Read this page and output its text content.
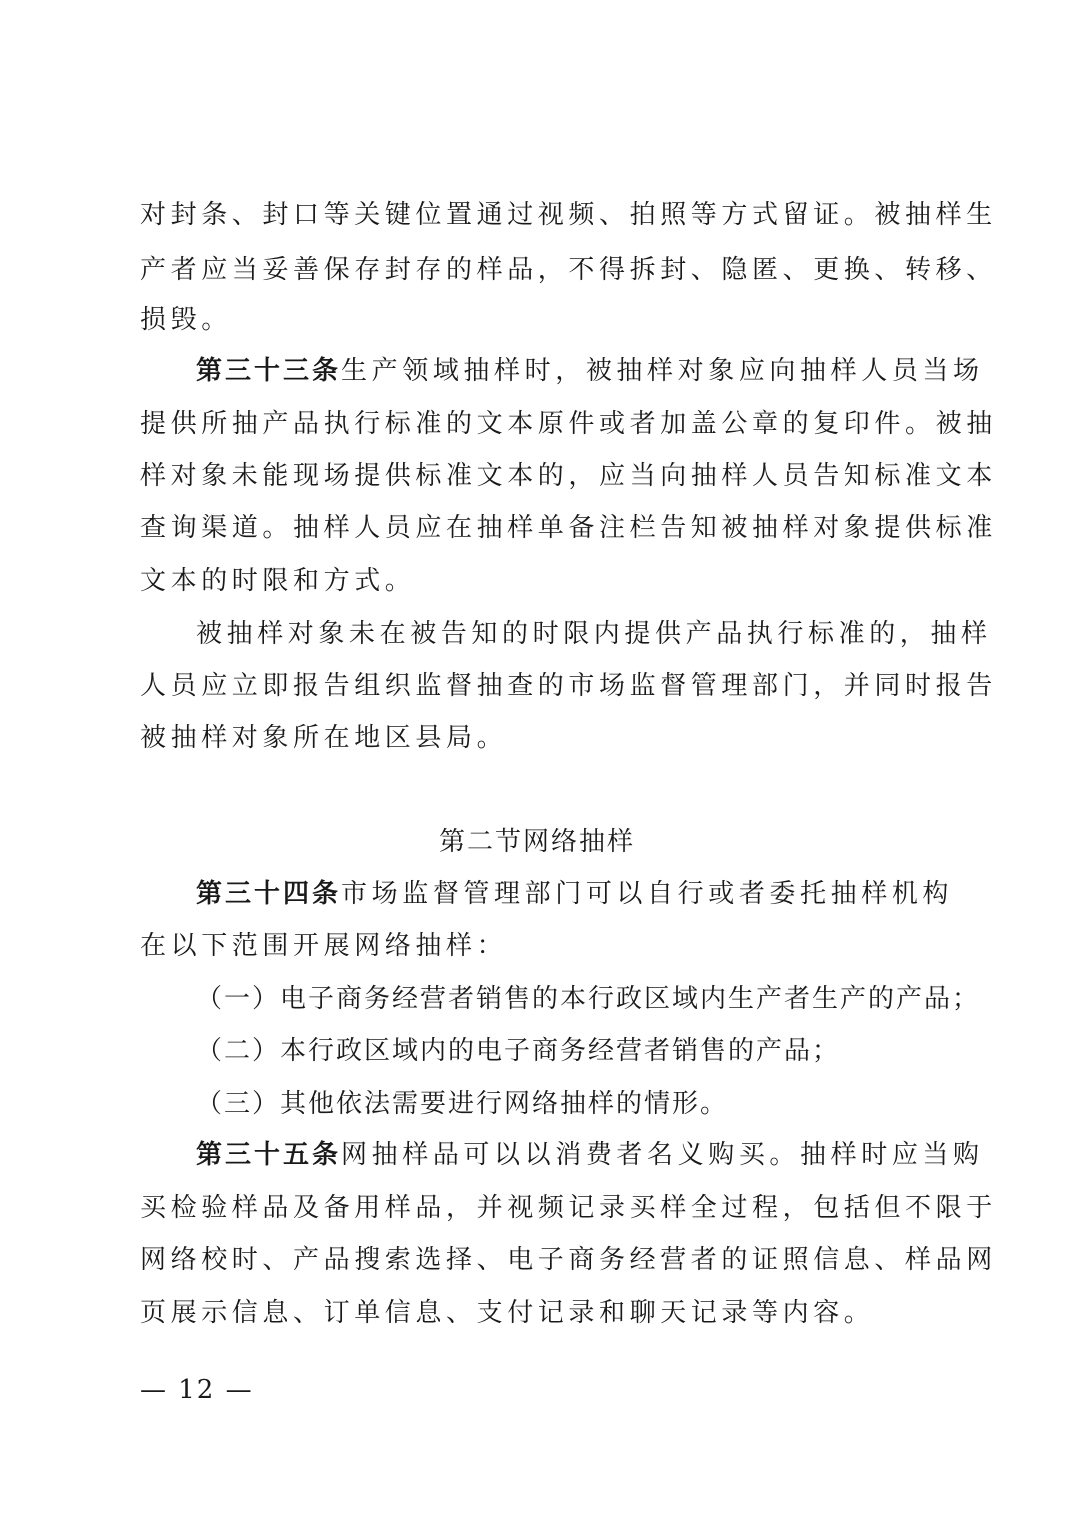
对封条、封口等关键位置通过视频、拍照等方式留证。被抽样生
产者应当妥善保存封存的样品，不得拆封、隐匿、更换、转移、
损毁。
第三十三条生产领域抽样时，被抽样对象应向抽样人员当场
提供所抽产品执行标准的文本原件或者加盖公章的复印件。被抽
样对象未能现场提供标准文本的，应当向抽样人员告知标准文本
查询渠道。抽样人员应在抽样单备注栏告知被抽样对象提供标准
文本的时限和方式。
被抽样对象未在被告知的时限内提供产品执行标准的，抽样
人员应立即报告组织监督抽查的市场监督管理部门，并同时报告
被抽样对象所在地区县局。
第二节网络抽样
第三十四条市场监督管理部门可以自行或者委托抽样机构
在以下范围开展网络抽样：
（一）电子商务经营者销售的本行政区域内生产者生产的产品；
（二）本行政区域内的电子商务经营者销售的产品；
（三）其他依法需要进行网络抽样的情形。
第三十五条网抽样品可以以消费者名义购买。抽样时应当购
买检验样品及备用样品，并视频记录买样全过程，包括但不限于
网络校时、产品搜索选择、电子商务经营者的证照信息、样品网
页展示信息、订单信息、支付记录和聊天记录等内容。
— 12 —
